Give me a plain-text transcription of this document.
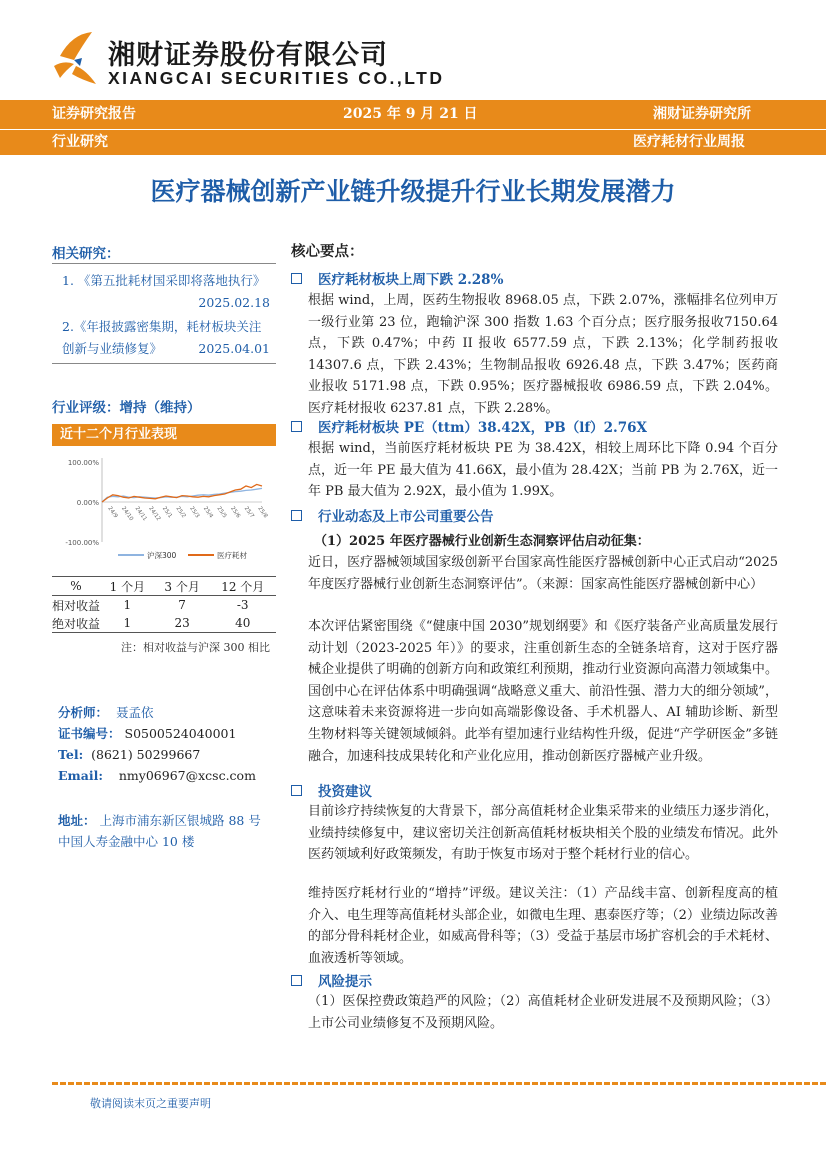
湘财证券股份有限公司
XIANGCAI SECURITIES CO.,LTD
证券研究报告	2025 年 9 月 21 日	湘财证券研究所
行业研究	医疗耗材行业周报
医疗器械创新产业链升级提升行业长期发展潜力
相关研究：
1. 《第五批耗材国采即将落地执行》
2025.02.18
2.《年报披露密集期，耗材板块关注创新与业绩修复》	2025.04.01
行业评级：增持（维持）
近十二个月行业表现
100.00%
0.00%
-100.00%
24/9 24/10 24/11 24/12 25/1 25/2 25/3 25/4 25/5 25/6 25/7 25/8
沪深300	医疗耗材
%	1 个月	3 个月	12 个月
相对收益	1	7	-3
绝对收益	1	23	40
注：相对收益与沪深 300 相比
分析师： 聂孟依
证书编号： S0500524040001
Tel: (8621) 50299667
Email: nmy06967@xcsc.com
地址： 上海市浦东新区银城路 88 号
中国人寿金融中心 10 楼
核心要点：
医疗耗材板块上周下跌 2.28%
根据 wind，上周，医药生物报收 8968.05 点，下跌 2.07%，涨幅排名位列申万一级行业第 23 位，跑输沪深 300 指数 1.63 个百分点；医疗服务报收7150.64 点，下跌 0.47%；中药 II 报收 6577.59 点，下跌 2.13%；化学制药报收 14307.6 点，下跌 2.43%；生物制品报收 6926.48 点，下跌 3.47%；医药商业报收 5171.98 点，下跌 0.95%；医疗器械报收 6986.59 点，下跌 2.04%。医疗耗材报收 6237.81 点，下跌 2.28%。
医疗耗材板块 PE（ttm）38.42X，PB（lf）2.76X
根据 wind，当前医疗耗材板块 PE 为 38.42X，相较上周环比下降 0.94 个百分点，近一年 PE 最大值为 41.66X，最小值为 28.42X；当前 PB 为 2.76X，近一年 PB 最大值为 2.92X，最小值为 1.99X。
行业动态及上市公司重要公告
（1）2025 年医疗器械行业创新生态洞察评估启动征集：
近日，医疗器械领域国家级创新平台国家高性能医疗器械创新中心正式启动“2025 年度医疗器械行业创新生态洞察评估”。（来源：国家高性能医疗器械创新中心）
本次评估紧密围绕《“健康中国 2030”规划纲要》和《医疗装备产业高质量发展行动计划（2023-2025 年）》的要求，注重创新生态的全链条培育，这对于医疗器械企业提供了明确的创新方向和政策红利预期，推动行业资源向高潜力领域集中。国创中心在评估体系中明确强调“战略意义重大、前沿性强、潜力大的细分领域”，这意味着未来资源将进一步向如高端影像设备、手术机器人、AI 辅助诊断、新型生物材料等关键领域倾斜。此举有望加速行业结构性升级，促进“产学研医金”多链融合，加速科技成果转化和产业化应用，推动创新医疗器械产业升级。
投资建议
目前诊疗持续恢复的大背景下，部分高值耗材企业集采带来的业绩压力逐步消化，业绩持续修复中，建议密切关注创新高值耗材板块相关个股的业绩发布情况。此外医药领域利好政策频发，有助于恢复市场对于整个耗材行业的信心。
维持医疗耗材行业的“增持”评级。建议关注：（1）产品线丰富、创新程度高的植介入、电生理等高值耗材头部企业，如微电生理、惠泰医疗等；（2）业绩边际改善的部分骨科耗材企业，如威高骨科等；（3）受益于基层市场扩容机会的手术耗材、血液透析等领域。
风险提示
（1）医保控费政策趋严的风险；（2）高值耗材企业研发进展不及预期风险；（3）上市公司业绩修复不及预期风险。
敬请阅读末页之重要声明
